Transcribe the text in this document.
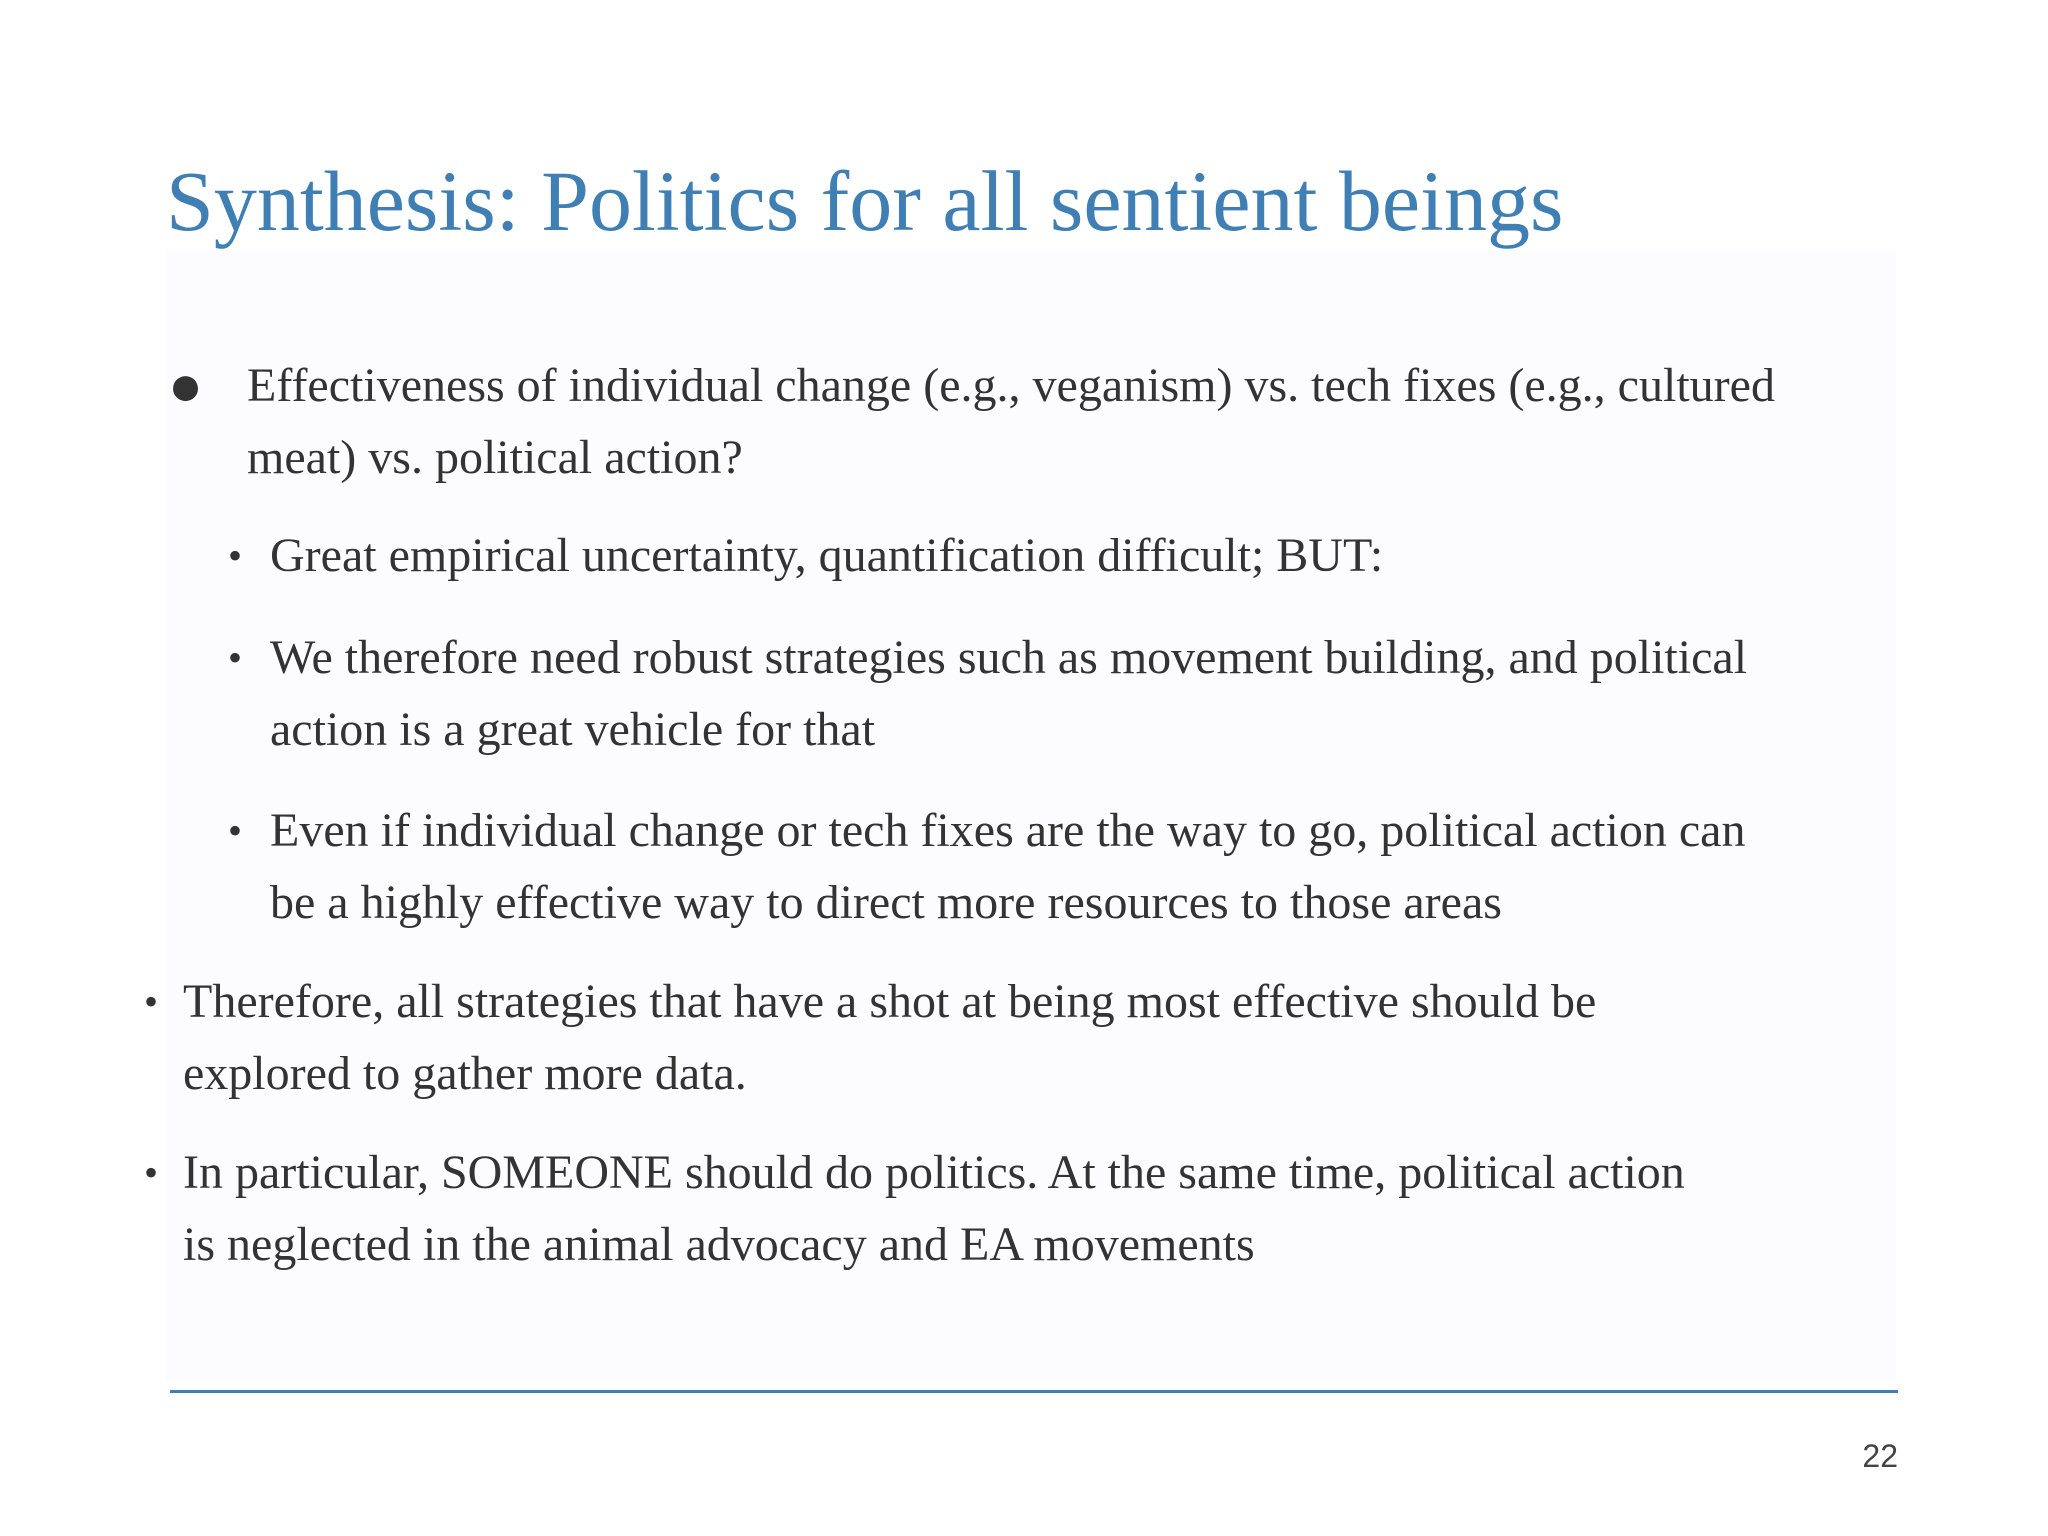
Synthesis: Politics for all sentient beings
● Effectiveness of individual change (e.g., veganism) vs. tech fixes (e.g., cultured meat) vs. political action?
• Great empirical uncertainty, quantification difficult; BUT:
• We therefore need robust strategies such as movement building, and political action is a great vehicle for that
• Even if individual change or tech fixes are the way to go, political action can be a highly effective way to direct more resources to those areas
• Therefore, all strategies that have a shot at being most effective should be explored to gather more data.
• In particular, SOMEONE should do politics. At the same time, political action is neglected in the animal advocacy and EA movements
22
